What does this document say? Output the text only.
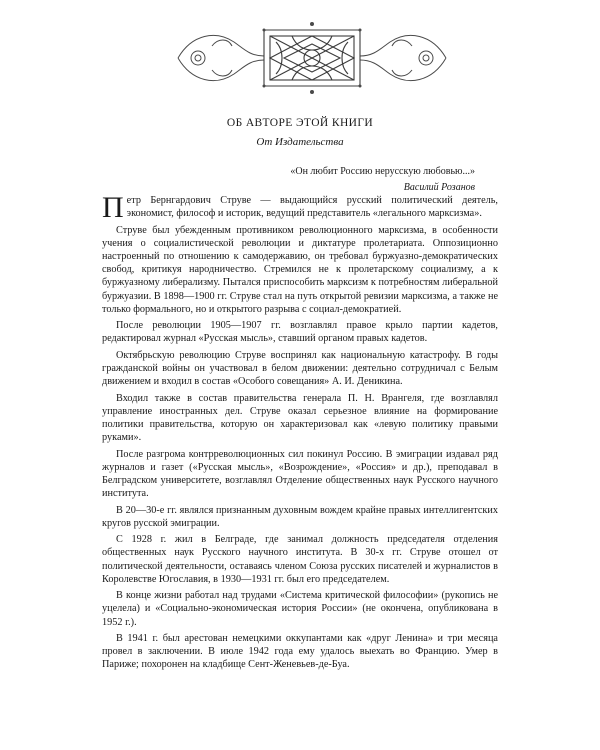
ОБ АВТОРЕ ЭТОЙ КНИГИ
От Издательства
«Он любит Россию нерусскую любовью...»
Василий Розанов

Петр Бернгардович Струве — выдающийся русский политический деятель, экономист, философ и историк, ведущий представитель «легального марксизма».

Струве был убежденным противником революционного марксизма, в особенности учения о социалистической революции и диктатуре пролетариата. Оппозиционно настроенный по отношению к самодержавию, он требовал буржуазно-демократических свобод, критикуя народничество. Стремился не к пролетарскому социализму, а к буржуазному либерализму. Пытался приспособить марксизм к потребностям либеральной буржуазии. В 1898—1900 гг. Струве стал на путь открытой ревизии марксизма, а также не только формального, но и открытого разрыва с социал-демократией.

После революции 1905—1907 гг. возглавлял правое крыло партии кадетов, редактировал журнал «Русская мысль», ставший органом правых кадетов.

Октябрьскую революцию Струве воспринял как национальную катастрофу. В годы гражданской войны он участвовал в белом движении: деятельно сотрудничал с Белым движением и входил в состав «Особого совещания» А. И. Деникина.

Входил также в состав правительства генерала П. Н. Врангеля, где возглавлял управление иностранных дел. Струве оказал серьезное влияние на формирование политики правительства, которую он характеризовал как «левую политику правыми руками».

После разгрома контрреволюционных сил покинул Россию. В эмиграции издавал ряд журналов и газет («Русская мысль», «Возрождение», «Россия» и др.), преподавал в Белградском университете, возглавлял Отделение общественных наук Русского научного института.

В 20—30-е гг. являлся признанным духовным вождем крайне правых интеллигентских кругов русской эмиграции.

С 1928 г. жил в Белграде, где занимал должность председателя отделения общественных наук Русского научного института. В 30-х гг. Струве отошел от политической деятельности, оставаясь членом Союза русских писателей и журналистов в Королевстве Югославия, в 1930—1931 гг. был его председателем.

В конце жизни работал над трудами «Система критической философии» (рукопись не уцелела) и «Социально-экономическая история России» (не окончена, опубликована в 1952 г.).

В 1941 г. был арестован немецкими оккупантами как «друг Ленина» и три месяца провел в заключении. В июле 1942 года ему удалось выехать во Францию. Умер в Париже; похоронен на кладбище Сент-Женевьев-де-Буа.
